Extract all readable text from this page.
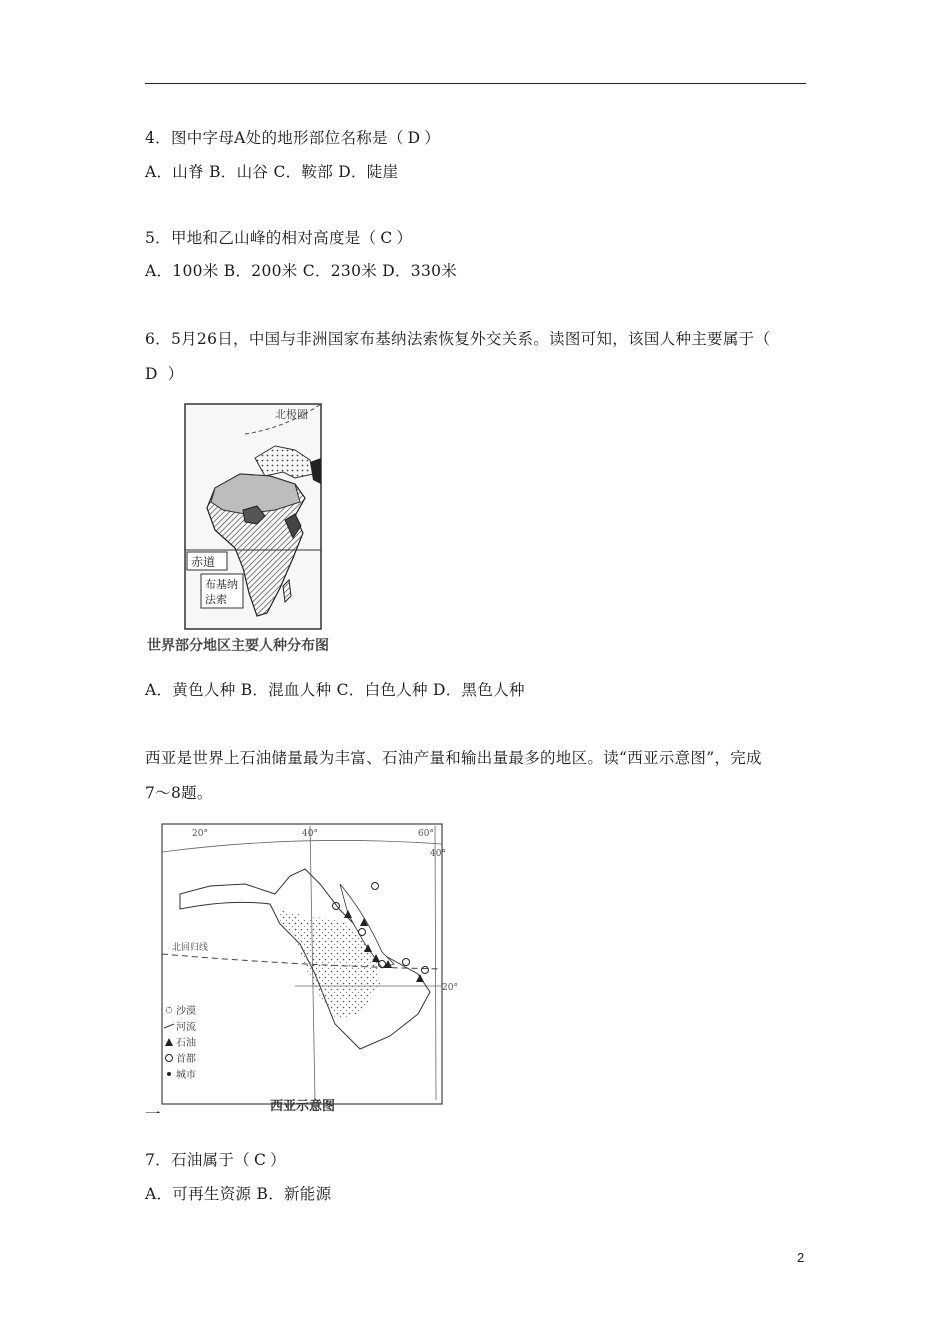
4．图中字母A处的地形部位名称是（ D ）
A．山脊 B．山谷 C．鞍部 D．陡崖
5．甲地和乙山峰的相对高度是（ C ）
A．100米 B．200米 C．230米 D．330米
6．5月26日，中国与非洲国家布基纳法索恢复外交关系。读图可知，该国人种主要属于（
D ）
北极圈
赤道
布基纳
法索
世界部分地区主要人种分布图
A．黄色人种 B．混血人种 C．白色人种 D．黑色人种
西亚是世界上石油储量最为丰富、石油产量和输出量最多的地区。读“西亚示意图”，完成
7～8题。
20°	40°	60°
40°
20°
北回归线
沙漠
河流
石油
首都
城市
西亚示意图
一
7．石油属于（ C ）
A．可再生资源 B．新能源
2
